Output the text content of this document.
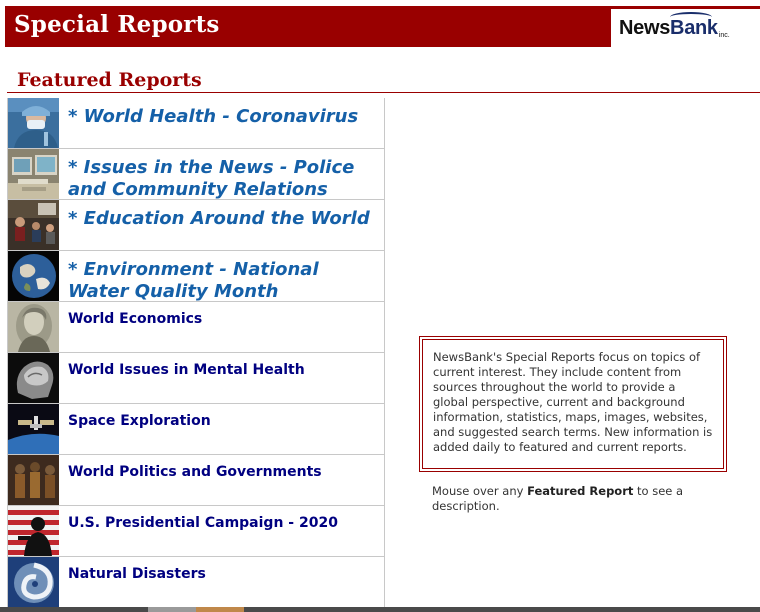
Special Reports	News Bank inc.
Featured Reports
* World Health - Coronavirus
* Issues in the News - Police and Community Relations
* Education Around the World
* Environment - National Water Quality Month
World Economics
World Issues in Mental Health
Space Exploration
World Politics and Governments
U.S. Presidential Campaign - 2020
Natural Disasters
NewsBank's Special Reports focus on topics of current interest. They include content from sources throughout the world to provide a global perspective, current and background information, statistics, maps, images, websites, and suggested search terms. New information is added daily to featured and current reports.
Mouse over any Featured Report to see a description.
